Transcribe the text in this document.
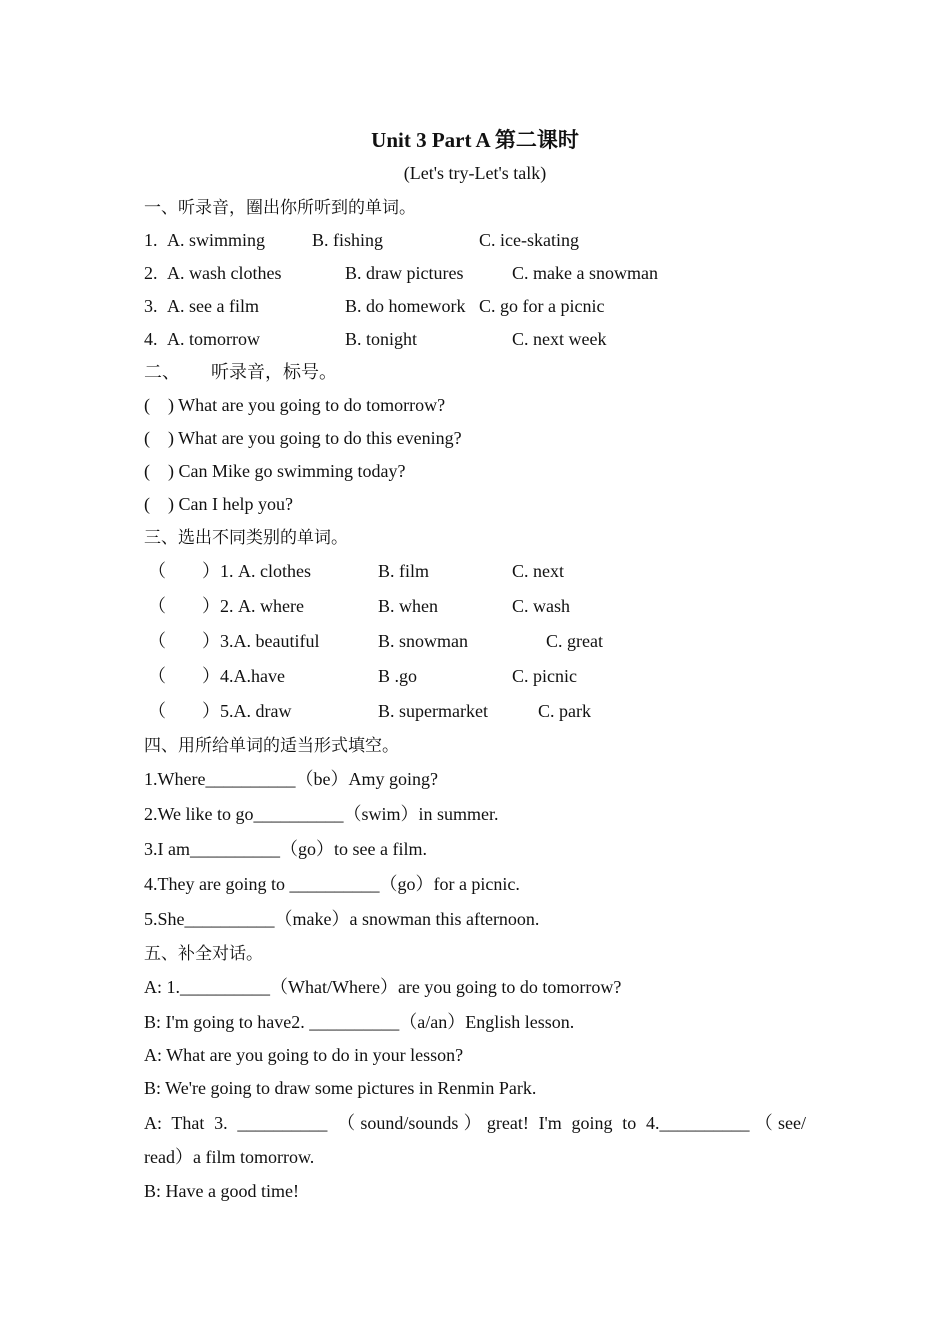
Unit 3 Part A 第二课时
(Let's try-Let's talk)
一、听录音，圈出你所听到的单词。
1. A. swimming	B. fishing	C. ice-skating
2. A. wash clothes	B. draw pictures	C. make a snowman
3. A. see a film	B. do homework C. go for a picnic
4. A. tomorrow	B. tonight	C. next week
二、 听录音，标号。
(    ) What are you going to do tomorrow?
(    ) What are you going to do this evening?
(    ) Can Mike go swimming today?
(    ) Can I help you?
三、选出不同类别的单词。
（        ）1. A. clothes	B. film	C. next
（        ）2. A. where	B. when	C. wash
（        ）3.A. beautiful	B. snowman	C. great
（        ）4.A.have	B .go	C. picnic
（        ）5.A. draw	B. supermarket	C. park
四、用所给单词的适当形式填空。
1.Where__________（be）Amy going?
2.We like to go__________（swim）in summer.
3.I am__________（go）to see a film.
4.They are going to __________（go）for a picnic.
5.She__________（make）a snowman this afternoon.
五、补全对话。
A: 1.__________（What/Where）are you going to do tomorrow?
B: I'm going to have2. __________（a/an）English lesson.
A: What are you going to do in your lesson?
B: We're going to draw some pictures in Renmin Park.
A: That 3. __________ （sound/sounds）great! I'm going to 4.__________（see/
read）a film tomorrow.
B: Have a good time!
